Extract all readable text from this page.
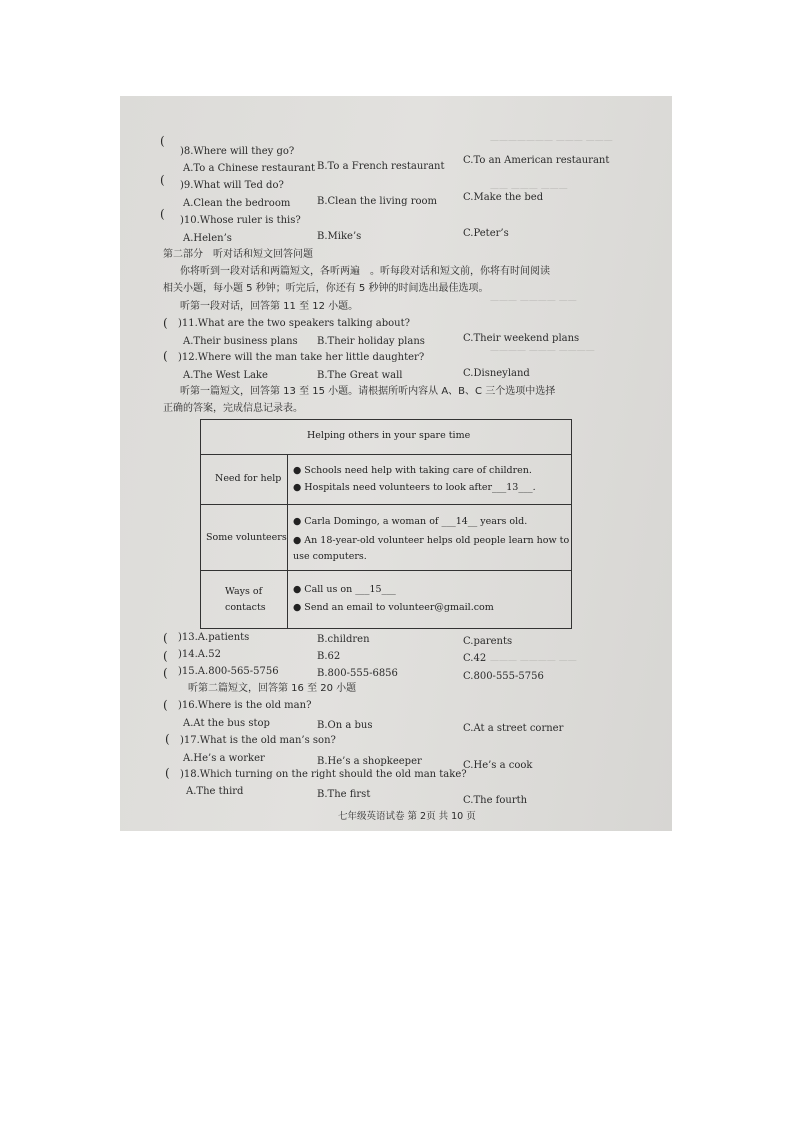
——————— ——— ———
—— ——— ———
——— ———— ——
———— ——— ————
——— ———— ——
(
)8.Where will they go?
A.To a Chinese restaurant B.To a French restaurant
C.To an American restaurant
( )9.What will Ted do?
A.Clean the bedroom	B.Clean the living room	C.Make the bed
( )10.Whose ruler is this?
A.Helen’s	B.Mike’s	C.Peter’s
第二部分　听对话和短文回答问题
你将听到一段对话和两篇短文，各听两遍　。听每段对话和短文前，你将有时间阅读
相关小题，每小题 5 秒钟；听完后，你还有 5 秒钟的时间选出最佳选项。
听第一段对话，回答第 11 至 12 小题。
( )11.What are the two speakers talking about?
A.Their business plans B.Their holiday plans	C.Their weekend plans
( )12.Where will the man take her little daughter?
A.The West Lake	B.The Great wall	C.Disneyland
听第一篇短文，回答第 13 至 15 小题。请根据所听内容从 A、B、C 三个选项中选择
正确的答案，完成信息记录表。
Helping others in your spare time
Need for help
● Schools need help with taking care of children.
● Hospitals need volunteers to look after___13___.
Some volunteers
● Carla Domingo, a woman of ___14__ years old.
● An 18-year-old volunteer helps old people learn how to
use computers.
Ways of
contacts
● Call us on ___15___
● Send an email to volunteer@gmail.com
( )13.A.patients	B.children	C.parents
( )14.A.52	B.62	C.42
( )15.A.800-565-5756	B.800-555-6856	C.800-555-5756
听第二篇短文，回答第 16 至 20 小题
( )16.Where is the old man?
A.At the bus stop	B.On a bus	C.At a street corner
( )17.What is the old man’s son?
A.He’s a worker	B.He’s a shopkeeper	C.He’s a cook
( )18.Which turning on the right should the old man take?
A.The third	B.The first
C.The fourth
七年级英语试卷 第 2页 共 10 页
